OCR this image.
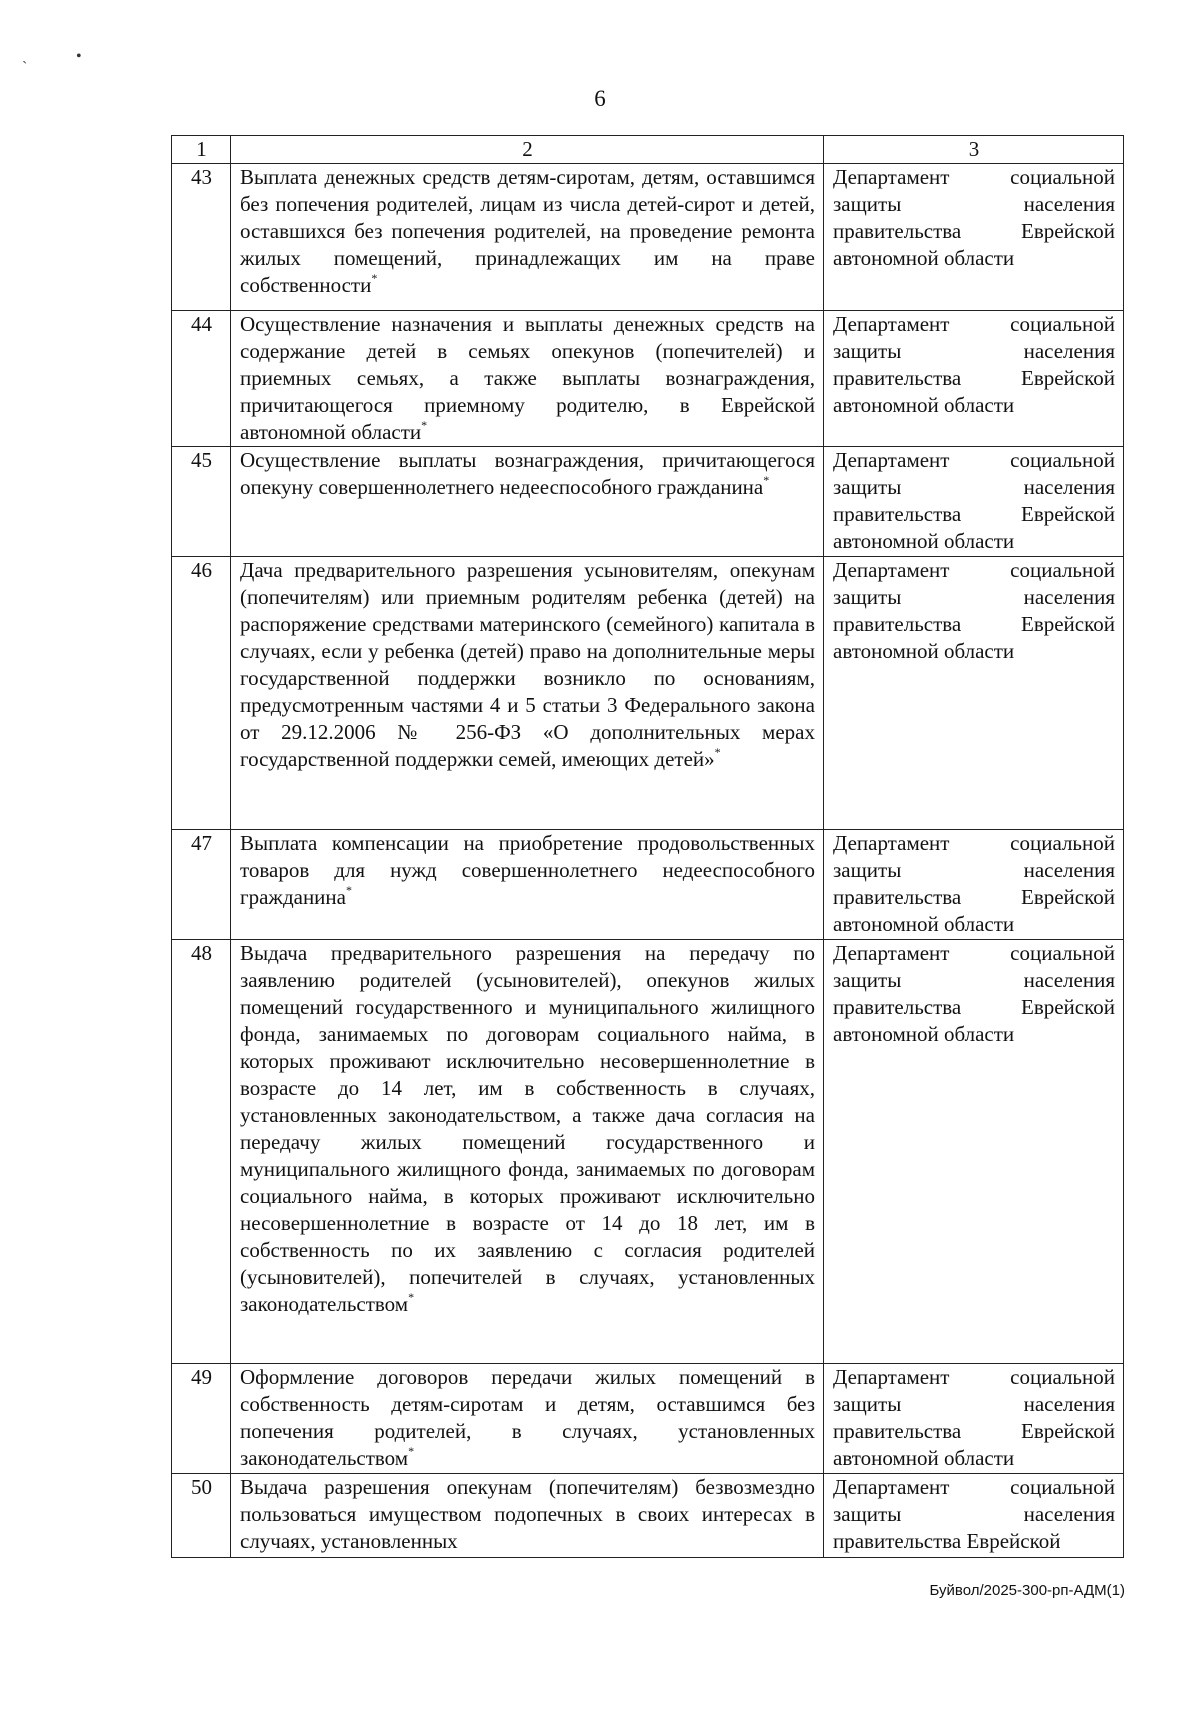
˴	•
6
1	2	3
43	Выплата денежных средств детям-сиротам, детям, оставшимся без попечения родителей, лицам из числа детей-сирот и детей, оставшихся без попечения родителей, на проведение ремонта жилых помещений, принадлежащих им на праве собственности*	Департамент социальной защиты населения правительства Еврейской автономной области
44	Осуществление назначения и выплаты денежных средств на содержание детей в семьях опекунов (попечителей) и приемных семьях, а также выплаты вознаграждения, причитающегося приемному родителю, в Еврейской автономной области*	Департамент социальной защиты населения правительства Еврейской автономной области
45	Осуществление выплаты вознаграждения, причитающегося опекуну совершеннолетнего недееспособного гражданина*	Департамент социальной защиты населения правительства Еврейской автономной области
46	Дача предварительного разрешения усыновителям, опекунам (попечителям) или приемным родителям ребенка (детей) на распоряжение средствами материнского (семейного) капитала в случаях, если у ребенка (детей) право на дополнительные меры государственной поддержки возникло по основаниям, предусмотренным частями 4 и 5 статьи 3 Федерального закона от 29.12.2006 № 256-ФЗ «О дополнительных мерах государственной поддержки семей, имеющих детей»*	Департамент социальной защиты населения правительства Еврейской автономной области
47	Выплата компенсации на приобретение продовольственных товаров для нужд совершеннолетнего недееспособного гражданина*	Департамент социальной защиты населения правительства Еврейской автономной области
48	Выдача предварительного разрешения на передачу по заявлению родителей (усыновителей), опекунов жилых помещений государственного и муниципального жилищного фонда, занимаемых по договорам социального найма, в которых проживают исключительно несовершеннолетние в возрасте до 14 лет, им в собственность в случаях, установленных законодательством, а также дача согласия на передачу жилых помещений государственного и муниципального жилищного фонда, занимаемых по договорам социального найма, в которых проживают исключительно несовершеннолетние в возрасте от 14 до 18 лет, им в собственность по их заявлению с согласия родителей (усыновителей), попечителей в случаях, установленных законодательством*	Департамент социальной защиты населения правительства Еврейской автономной области
49	Оформление договоров передачи жилых помещений в собственность детям-сиротам и детям, оставшимся без попечения родителей, в случаях, установленных законодательством*	Департамент социальной защиты населения правительства Еврейской автономной области
50	Выдача разрешения опекунам (попечителям) безвозмездно пользоваться имуществом подопечных в своих интересах в случаях, установленных	Департамент социальной защиты населения правительства Еврейской
Буйвол/2025-300-рп-АДМ(1)
